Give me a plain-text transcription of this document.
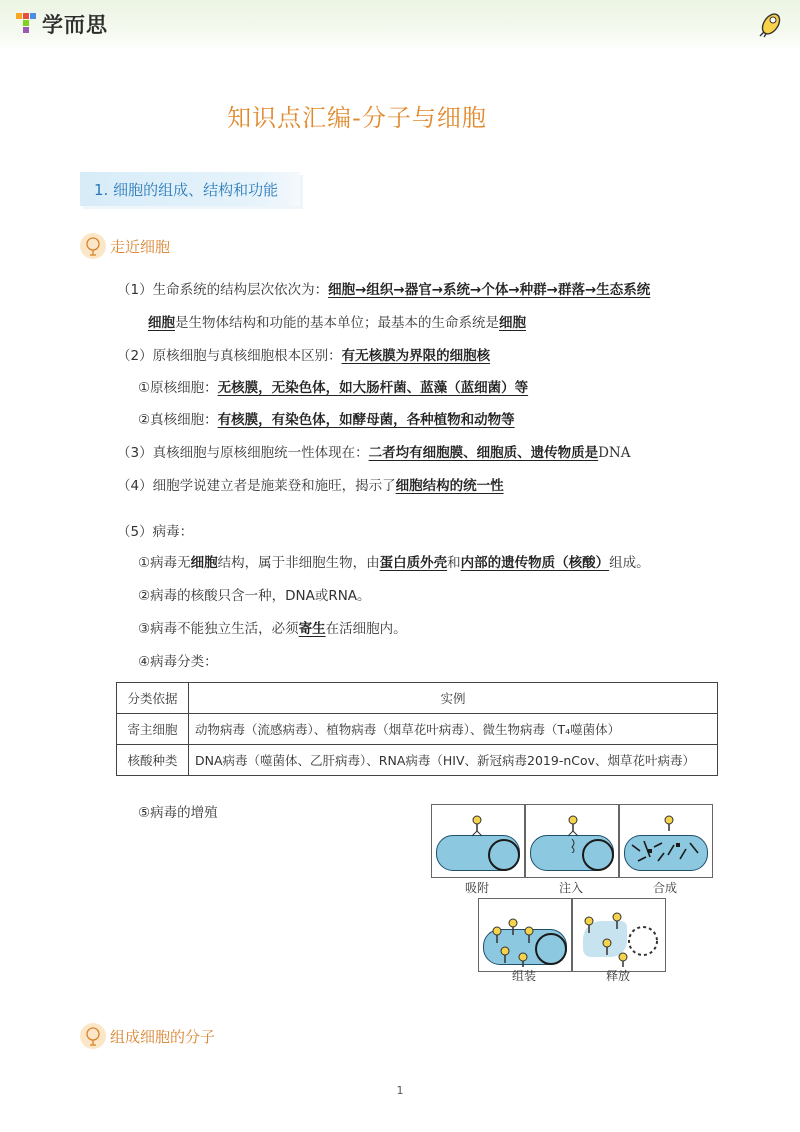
学而思
知识点汇编-分子与细胞
1. 细胞的组成、结构和功能
走近细胞
（1）生命系统的结构层次依次为：细胞→组织→器官→系统→个体→种群→群落→生态系统
细胞是生物体结构和功能的基本单位；最基本的生命系统是细胞
（2）原核细胞与真核细胞根本区别：有无核膜为界限的细胞核
①原核细胞：无核膜，无染色体，如大肠杆菌、蓝藻（蓝细菌）等
②真核细胞：有核膜，有染色体，如酵母菌，各种植物和动物等
（3）真核细胞与原核细胞统一性体现在：二者均有细胞膜、细胞质、遗传物质是DNA
（4）细胞学说建立者是施莱登和施旺，揭示了细胞结构的统一性
（5）病毒：
①病毒无细胞结构，属于非细胞生物，由蛋白质外壳和内部的遗传物质（核酸）组成。
②病毒的核酸只含一种，DNA或RNA。
③病毒不能独立生活，必须寄生在活细胞内。
④病毒分类：
分类依据	实例
寄主细胞	动物病毒（流感病毒）、植物病毒（烟草花叶病毒）、微生物病毒（T₄噬菌体）
核酸种类	DNA病毒（噬菌体、乙肝病毒）、RNA病毒（HIV、新冠病毒2019-nCov、烟草花叶病毒）
⑤病毒的增殖
吸附	注入	合成
组装	释放
组成细胞的分子
1
